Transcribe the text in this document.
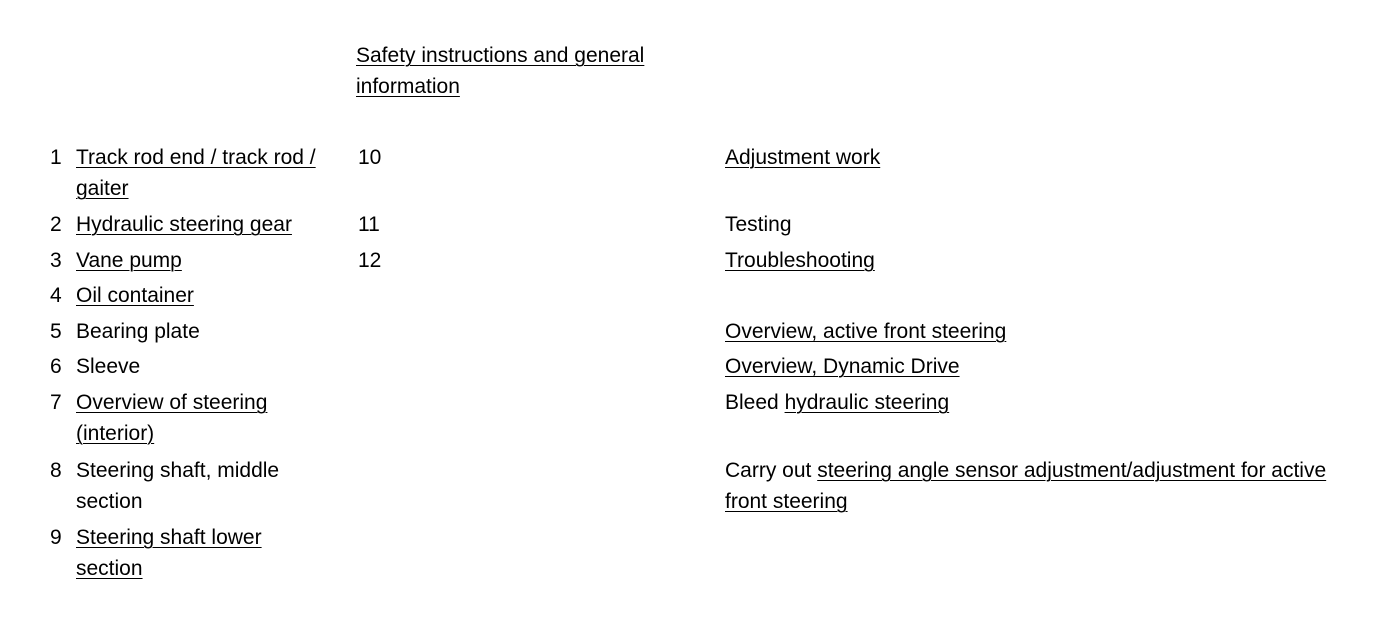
Safety instructions and general information
1 Track rod end / track rod / gaiter
2 Hydraulic steering gear
3 Vane pump
4 Oil container
5 Bearing plate
6 Sleeve
7 Overview of steering (interior)
8 Steering shaft, middle section
9 Steering shaft lower section
10
11
12
Adjustment work
Testing
Troubleshooting
Overview, active front steering
Overview, Dynamic Drive
Bleed hydraulic steering
Carry out steering angle sensor adjustment/adjustment for active front steering
